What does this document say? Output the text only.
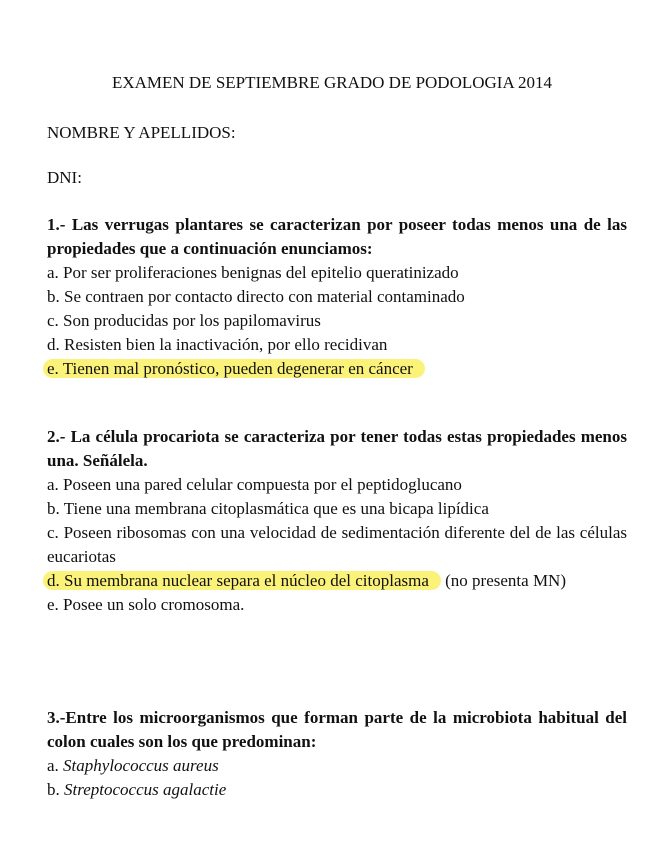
EXAMEN DE SEPTIEMBRE GRADO DE PODOLOGIA 2014
NOMBRE Y APELLIDOS:
DNI:
1.- Las verrugas plantares se caracterizan por poseer todas menos una de las propiedades que a continuación enunciamos:
a. Por ser proliferaciones benignas del epitelio queratinizado
b. Se contraen por contacto directo con material contaminado
c. Son producidas por los papilomavirus
d. Resisten bien la inactivación, por ello recidivan
e. Tienen mal pronóstico, pueden degenerar en cáncer
2.- La célula procariota se caracteriza por tener todas estas propiedades menos una. Señálela.
a. Poseen una pared celular compuesta por el peptidoglucano
b. Tiene una membrana citoplasmática que es una bicapa lipídica
c. Poseen ribosomas con una velocidad de sedimentación diferente del de las células eucariotas
d. Su membrana nuclear separa el núcleo del citoplasma (no presenta MN)
e. Posee un solo cromosoma.
3.-Entre los microorganismos que forman parte de la microbiota habitual del colon cuales son los que predominan:
a. Staphylococcus aureus
b. Streptococcus agalactie
